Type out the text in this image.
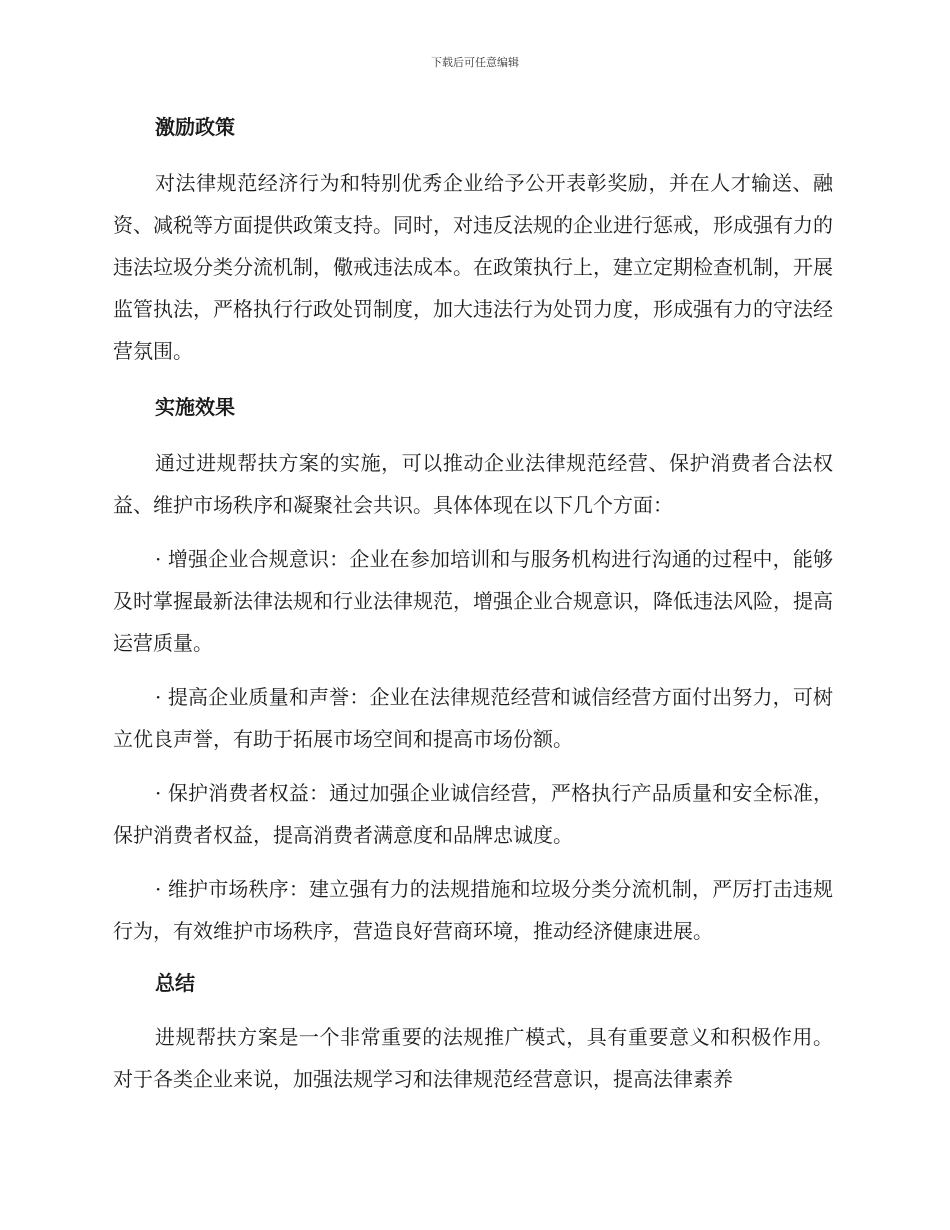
下载后可任意编辑
激励政策

对法律规范经济行为和特别优秀企业给予公开表彰奖励，并在人才输送、融资、减税等方面提供政策支持。同时，对违反法规的企业进行惩戒，形成强有力的违法垃圾分类分流机制，儆戒违法成本。在政策执行上，建立定期检查机制，开展监管执法，严格执行行政处罚制度，加大违法行为处罚力度，形成强有力的守法经营氛围。

实施效果

通过进规帮扶方案的实施，可以推动企业法律规范经营、保护消费者合法权益、维护市场秩序和凝聚社会共识。具体体现在以下几个方面：

· 增强企业合规意识：企业在参加培训和与服务机构进行沟通的过程中，能够及时掌握最新法律法规和行业法律规范，增强企业合规意识，降低违法风险，提高运营质量。

· 提高企业质量和声誉：企业在法律规范经营和诚信经营方面付出努力，可树立优良声誉，有助于拓展市场空间和提高市场份额。

· 保护消费者权益：通过加强企业诚信经营，严格执行产品质量和安全标准，保护消费者权益，提高消费者满意度和品牌忠诚度。

· 维护市场秩序：建立强有力的法规措施和垃圾分类分流机制，严厉打击违规行为，有效维护市场秩序，营造良好营商环境，推动经济健康进展。

总结

进规帮扶方案是一个非常重要的法规推广模式，具有重要意义和积极作用。对于各类企业来说，加强法规学习和法律规范经营意识，提高法律素养
